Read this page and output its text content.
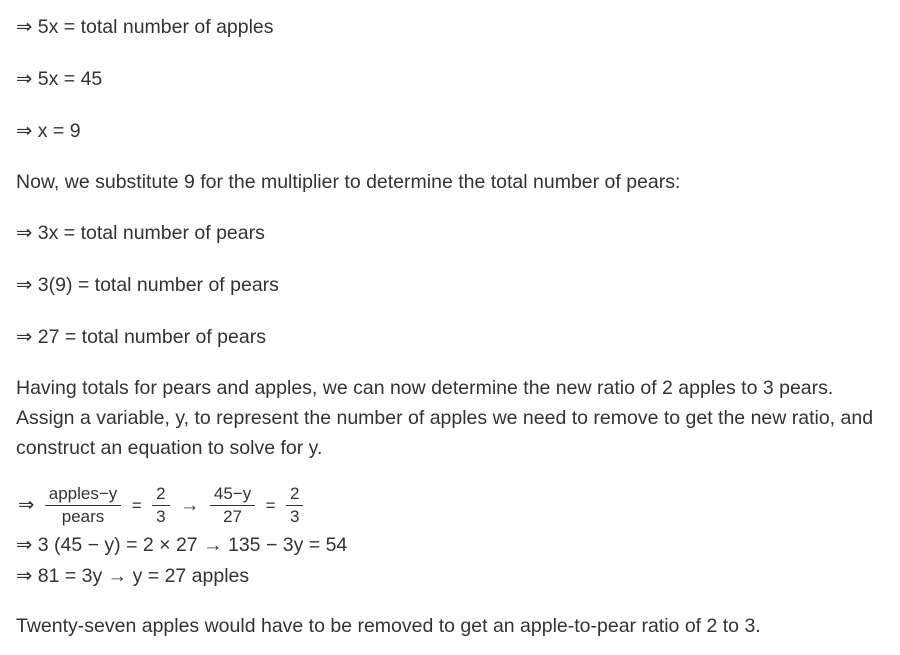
⇒ 5x = total number of apples
⇒ 5x = 45
⇒ x = 9
Now, we substitute 9 for the multiplier to determine the total number of pears:
⇒ 3x = total number of pears
⇒ 3(9) = total number of pears
⇒ 27 = total number of pears
Having totals for pears and apples, we can now determine the new ratio of 2 apples to 3 pears. Assign a variable, y, to represent the number of apples we need to remove to get the new ratio, and construct an equation to solve for y.
⇒ $\frac{\text{apples−y}}{\text{pears}} = \frac{2}{3} \to \frac{45-y}{27} = \frac{2}{3}$
⇒ 3 (45 − y) = 2 × 27 → 135 − 3y = 54
⇒ 81 = 3y → y = 27 apples
Twenty-seven apples would have to be removed to get an apple-to-pear ratio of 2 to 3.
